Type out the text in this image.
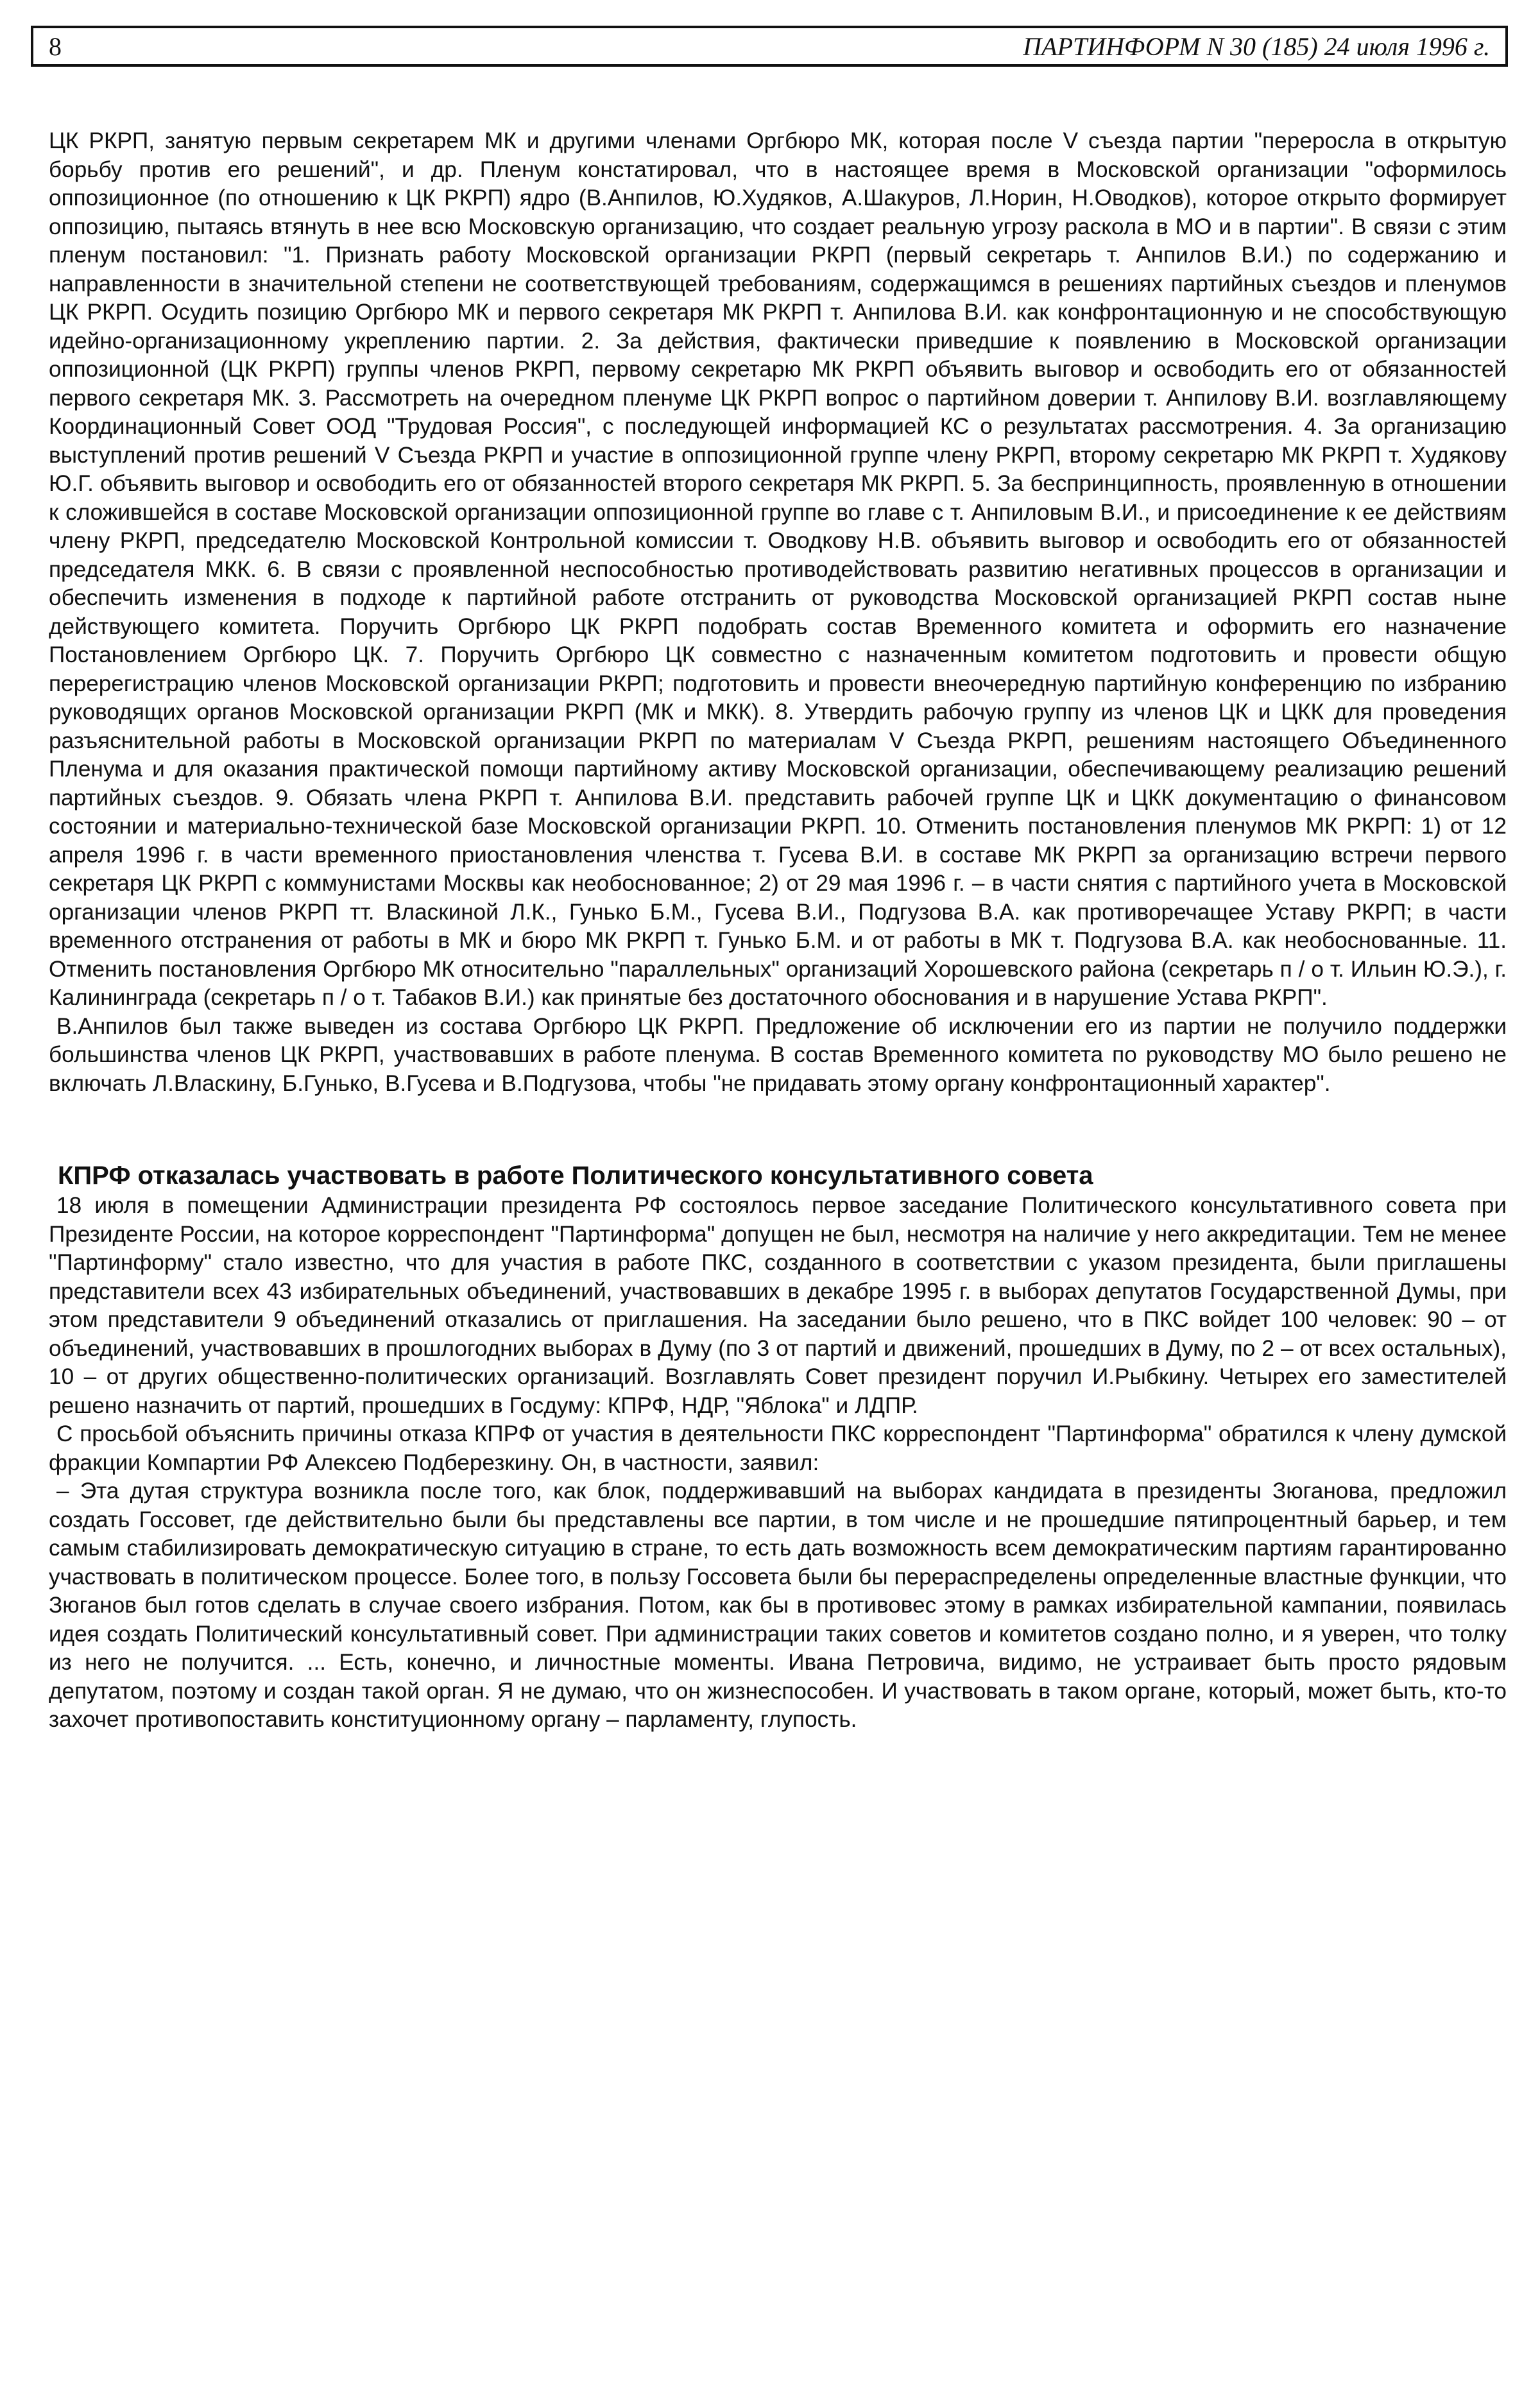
8	ПАРТИНФОРМ N 30 (185) 24 июля 1996 г.

ЦК РКРП, занятую первым секретарем МК и другими членами Оргбюро МК, которая после V съезда партии "переросла в открытую борьбу против его решений", и др. Пленум констатировал, что в настоящее время в Московской организации "оформилось оппозиционное (по отношению к ЦК РКРП) ядро (В.Анпилов, Ю.Худяков, А.Шакуров, Л.Норин, Н.Оводков), которое открыто формирует оппозицию, пытаясь втянуть в нее всю Московскую организацию, что создает реальную угрозу раскола в МО и в партии". В связи с этим пленум постановил: "1. Признать работу Московской организации РКРП (первый секретарь т. Анпилов В.И.) по содержанию и направленности в значительной степени не соответствующей требованиям, содержащимся в решениях партийных съездов и пленумов ЦК РКРП. Осудить позицию Оргбюро МК и первого секретаря МК РКРП т. Анпилова В.И. как конфронтационную и не способствующую идейно-организационному укреплению партии. 2. За действия, фактически приведшие к появлению в Московской организации оппозиционной (ЦК РКРП) группы членов РКРП, первому секретарю МК РКРП объявить выговор и освободить его от обязанностей первого секретаря МК. 3. Рассмотреть на очередном пленуме ЦК РКРП вопрос о партийном доверии т. Анпилову В.И. возглавляющему Координационный Совет ООД "Трудовая Россия", с последующей информацией КС о результатах рассмотрения. 4. За организацию выступлений против решений V Съезда РКРП и участие в оппозиционной группе члену РКРП, второму секретарю МК РКРП т. Худякову Ю.Г. объявить выговор и освободить его от обязанностей второго секретаря МК РКРП. 5. За беспринципность, проявленную в отношении к сложившейся в составе Московской организации оппозиционной группе во главе с т. Анпиловым В.И., и присоединение к ее действиям члену РКРП, председателю Московской Контрольной комиссии т. Оводкову Н.В. объявить выговор и освободить его от обязанностей председателя МКК. 6. В связи с проявленной неспособностью противодействовать развитию негативных процессов в организации и обеспечить изменения в подходе к партийной работе отстранить от руководства Московской организацией РКРП состав ныне действующего комитета. Поручить Оргбюро ЦК РКРП подобрать состав Временного комитета и оформить его назначение Постановлением Оргбюро ЦК. 7. Поручить Оргбюро ЦК совместно с назначенным комитетом подготовить и провести общую перерегистрацию членов Московской организации РКРП; подготовить и провести внеочередную партийную конференцию по избранию руководящих органов Московской организации РКРП (МК и МКК). 8. Утвердить рабочую группу из членов ЦК и ЦКК для проведения разъяснительной работы в Московской организации РКРП по материалам V Съезда РКРП, решениям настоящего Объединенного Пленума и для оказания практической помощи партийному активу Московской организации, обеспечивающему реализацию решений партийных съездов. 9. Обязать члена РКРП т. Анпилова В.И. представить рабочей группе ЦК и ЦКК документацию о финансовом состоянии и материально-технической базе Московской организации РКРП. 10. Отменить постановления пленумов МК РКРП: 1) от 12 апреля 1996 г. в части временного приостановления членства т. Гусева В.И. в составе МК РКРП за организацию встречи первого секретаря ЦК РКРП с коммунистами Москвы как необоснованное; 2) от 29 мая 1996 г. – в части снятия с партийного учета в Московской организации членов РКРП тт. Власкиной Л.К., Гунько Б.М., Гусева В.И., Подгузова В.А. как противоречащее Уставу РКРП; в части временного отстранения от работы в МК и бюро МК РКРП т. Гунько Б.М. и от работы в МК т. Подгузова В.А. как необоснованные. 11. Отменить постановления Оргбюро МК относительно "параллельных" организаций Хорошевского района (секретарь п / о т. Ильин Ю.Э.), г. Калининграда (секретарь п / о т. Табаков В.И.) как принятые без достаточного обоснования и в нарушение Устава РКРП".

В.Анпилов был также выведен из состава Оргбюро ЦК РКРП. Предложение об исключении его из партии не получило поддержки большинства членов ЦК РКРП, участвовавших в работе пленума. В состав Временного комитета по руководству МО было решено не включать Л.Власкину, Б.Гунько, В.Гусева и В.Подгузова, чтобы "не придавать этому органу конфронтационный характер".

КПРФ отказалась участвовать в работе Политического консультативного совета

18 июля в помещении Администрации президента РФ состоялось первое заседание Политического консультативного совета при Президенте России, на которое корреспондент "Партинформа" допущен не был, несмотря на наличие у него аккредитации. Тем не менее "Партинформу" стало известно, что для участия в работе ПКС, созданного в соответствии с указом президента, были приглашены представители всех 43 избирательных объединений, участвовавших в декабре 1995 г. в выборах депутатов Государственной Думы, при этом представители 9 объединений отказались от приглашения. На заседании было решено, что в ПКС войдет 100 человек: 90 – от объединений, участвовавших в прошлогодних выборах в Думу (по 3 от партий и движений, прошедших в Думу, по 2 – от всех остальных), 10 – от других общественно-политических организаций. Возглавлять Совет президент поручил И.Рыбкину. Четырех его заместителей решено назначить от партий, прошедших в Госдуму: КПРФ, НДР, "Яблока" и ЛДПР.

С просьбой объяснить причины отказа КПРФ от участия в деятельности ПКС корреспондент "Партинформа" обратился к члену думской фракции Компартии РФ Алексею Подберезкину. Он, в частности, заявил:

– Эта дутая структура возникла после того, как блок, поддерживавший на выборах кандидата в президенты Зюганова, предложил создать Госсовет, где действительно были бы представлены все партии, в том числе и не прошедшие пятипроцентный барьер, и тем самым стабилизировать демократическую ситуацию в стране, то есть дать возможность всем демократическим партиям гарантированно участвовать в политическом процессе. Более того, в пользу Госсовета были бы перераспределены определенные властные функции, что Зюганов был готов сделать в случае своего избрания. Потом, как бы в противовес этому в рамках избирательной кампании, появилась идея создать Политический консультативный совет. При администрации таких советов и комитетов создано полно, и я уверен, что толку из него не получится. ... Есть, конечно, и личностные моменты. Ивана Петровича, видимо, не устраивает быть просто рядовым депутатом, поэтому и создан такой орган. Я не думаю, что он жизнеспособен. И участвовать в таком органе, который, может быть, кто-то захочет противопоставить конституционному органу – парламенту, глупость.
